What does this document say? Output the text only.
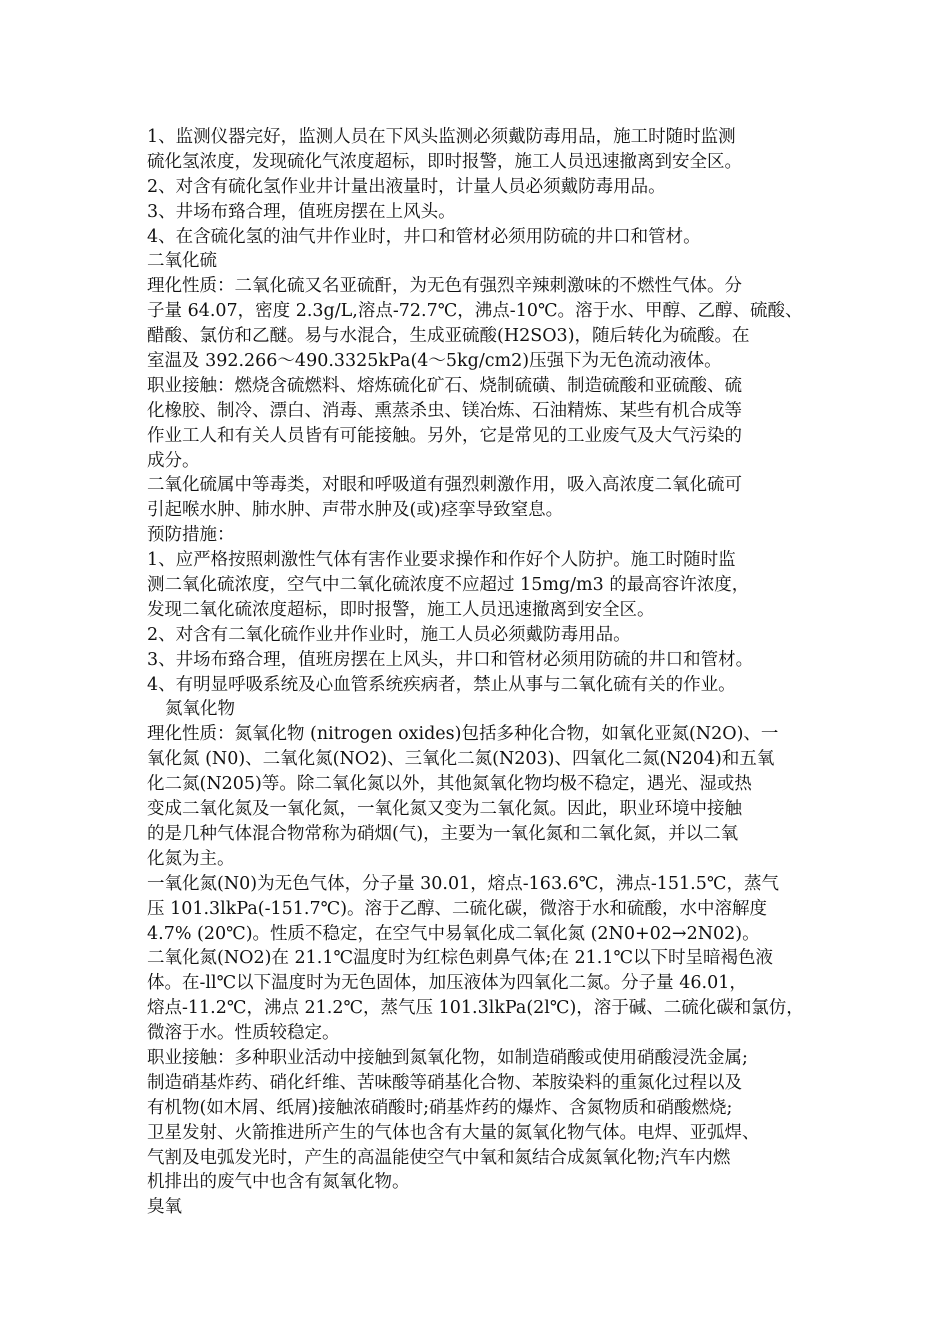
1、监测仪器完好，监测人员在下风头监测必须戴防毒用品，施工时随时监测
硫化氢浓度，发现硫化气浓度超标，即时报警，施工人员迅速撤离到安全区。
2、对含有硫化氢作业井计量出液量时，计量人员必须戴防毒用品。
3、井场布臵合理，值班房摆在上风头。
4、在含硫化氢的油气井作业时，井口和管材必须用防硫的井口和管材。
二氧化硫
理化性质：二氧化硫又名亚硫酐，为无色有强烈辛辣刺激味的不燃性气体。分
子量 64.07，密度 2.3g/L,溶点-72.7℃，沸点-10℃。溶于水、甲醇、乙醇、硫酸、
醋酸、氯仿和乙醚。易与水混合，生成亚硫酸(H2SO3)，随后转化为硫酸。在
室温及 392.266～490.3325kPa(4～5kg/cm2)压强下为无色流动液体。
职业接触：燃烧含硫燃料、熔炼硫化矿石、烧制硫磺、制造硫酸和亚硫酸、硫
化橡胶、制冷、漂白、消毒、熏蒸杀虫、镁冶炼、石油精炼、某些有机合成等
作业工人和有关人员皆有可能接触。另外，它是常见的工业废气及大气污染的
成分。
二氧化硫属中等毒类，对眼和呼吸道有强烈刺激作用，吸入高浓度二氧化硫可
引起喉水肿、肺水肿、声带水肿及(或)痉挛导致窒息。
预防措施：
1、应严格按照刺激性气体有害作业要求操作和作好个人防护。施工时随时监
测二氧化硫浓度，空气中二氧化硫浓度不应超过 15mg/m3 的最高容许浓度，
发现二氧化硫浓度超标，即时报警，施工人员迅速撤离到安全区。
2、对含有二氧化硫作业井作业时，施工人员必须戴防毒用品。
3、井场布臵合理，值班房摆在上风头，井口和管材必须用防硫的井口和管材。
4、有明显呼吸系统及心血管系统疾病者，禁止从事与二氧化硫有关的作业。
氮氧化物
理化性质：氮氧化物 (nitrogen oxides)包括多种化合物，如氧化亚氮(N2O)、一
氧化氮 (N0)、二氧化氮(NO2)、三氧化二氮(N203)、四氧化二氮(N204)和五氧
化二氮(N205)等。除二氧化氮以外，其他氮氧化物均极不稳定，遇光、湿或热
变成二氧化氮及一氧化氮，一氧化氮又变为二氧化氮。因此，职业环境中接触
的是几种气体混合物常称为硝烟(气)，主要为一氧化氮和二氧化氮，并以二氧
化氮为主。
一氧化氮(N0)为无色气体，分子量 30.01，熔点-163.6℃，沸点-151.5℃，蒸气
压 101.3lkPa(-151.7℃)。溶于乙醇、二硫化碳，微溶于水和硫酸，水中溶解度
4.7% (20℃)。性质不稳定，在空气中易氧化成二氧化氮 (2N0+02→2N02)。
二氧化氮(NO2)在 21.1℃温度时为红棕色刺鼻气体;在 21.1℃以下时呈暗褐色液
体。在-ll℃以下温度时为无色固体，加压液体为四氧化二氮。分子量 46.01，
熔点-11.2℃，沸点 21.2℃，蒸气压 101.3lkPa(2l℃)，溶于碱、二硫化碳和氯仿，
微溶于水。性质较稳定。
职业接触：多种职业活动中接触到氮氧化物，如制造硝酸或使用硝酸浸洗金属;
制造硝基炸药、硝化纤维、苦味酸等硝基化合物、苯胺染料的重氮化过程以及
有机物(如木屑、纸屑)接触浓硝酸时;硝基炸药的爆炸、含氮物质和硝酸燃烧;
卫星发射、火箭推进所产生的气体也含有大量的氮氧化物气体。电焊、亚弧焊、
气割及电弧发光时，产生的高温能使空气中氧和氮结合成氮氧化物;汽车内燃
机排出的废气中也含有氮氧化物。
臭氧
